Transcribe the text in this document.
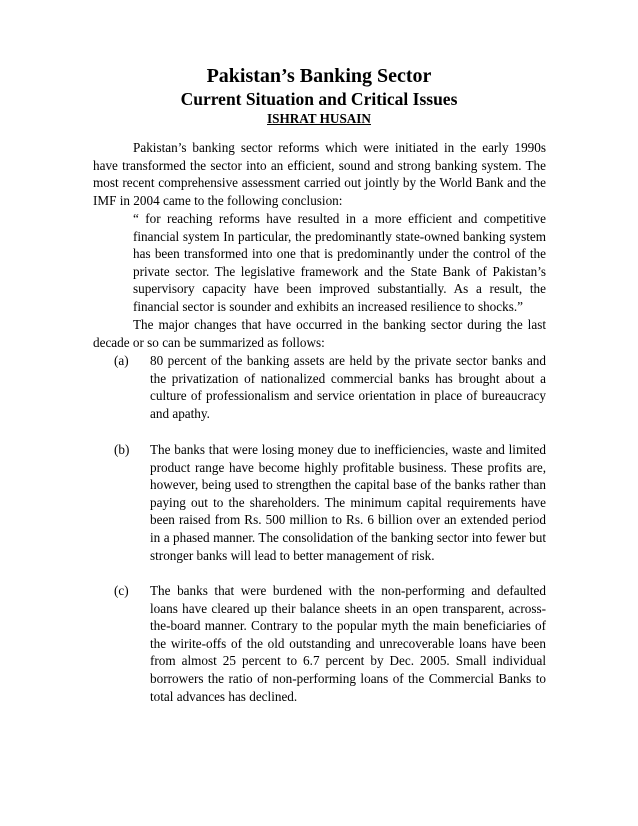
Pakistan’s Banking Sector
Current Situation and Critical Issues
ISHRAT HUSAIN

Pakistan’s banking sector reforms which were initiated in the early 1990s have transformed the sector into an efficient, sound and strong banking system. The most recent comprehensive assessment carried out jointly by the World Bank and the IMF in 2004 came to the following conclusion:

“ for reaching reforms have resulted in a more efficient and competitive financial system In particular, the predominantly state-owned banking system has been transformed into one that is predominantly under the control of the private sector. The legislative framework and the State Bank of Pakistan’s supervisory capacity have been improved substantially. As a result, the financial sector is sounder and exhibits an increased resilience to shocks.”

The major changes that have occurred in the banking sector during the last decade or so can be summarized as follows:

(a) 80 percent of the banking assets are held by the private sector banks and the privatization of nationalized commercial banks has brought about a culture of professionalism and service orientation in place of bureaucracy and apathy.

(b) The banks that were losing money due to inefficiencies, waste and limited product range have become highly profitable business. These profits are, however, being used to strengthen the capital base of the banks rather than paying out to the shareholders. The minimum capital requirements have been raised from Rs. 500 million to Rs. 6 billion over an extended period in a phased manner. The consolidation of the banking sector into fewer but stronger banks will lead to better management of risk.

(c) The banks that were burdened with the non-performing and defaulted loans have cleared up their balance sheets in an open transparent, across-the-board manner. Contrary to the popular myth the main beneficiaries of the wirite-offs of the old outstanding and unrecoverable loans have been from almost 25 percent to 6.7 percent by Dec. 2005. Small individual borrowers the ratio of non-performing loans of the Commercial Banks to total advances has declined.
